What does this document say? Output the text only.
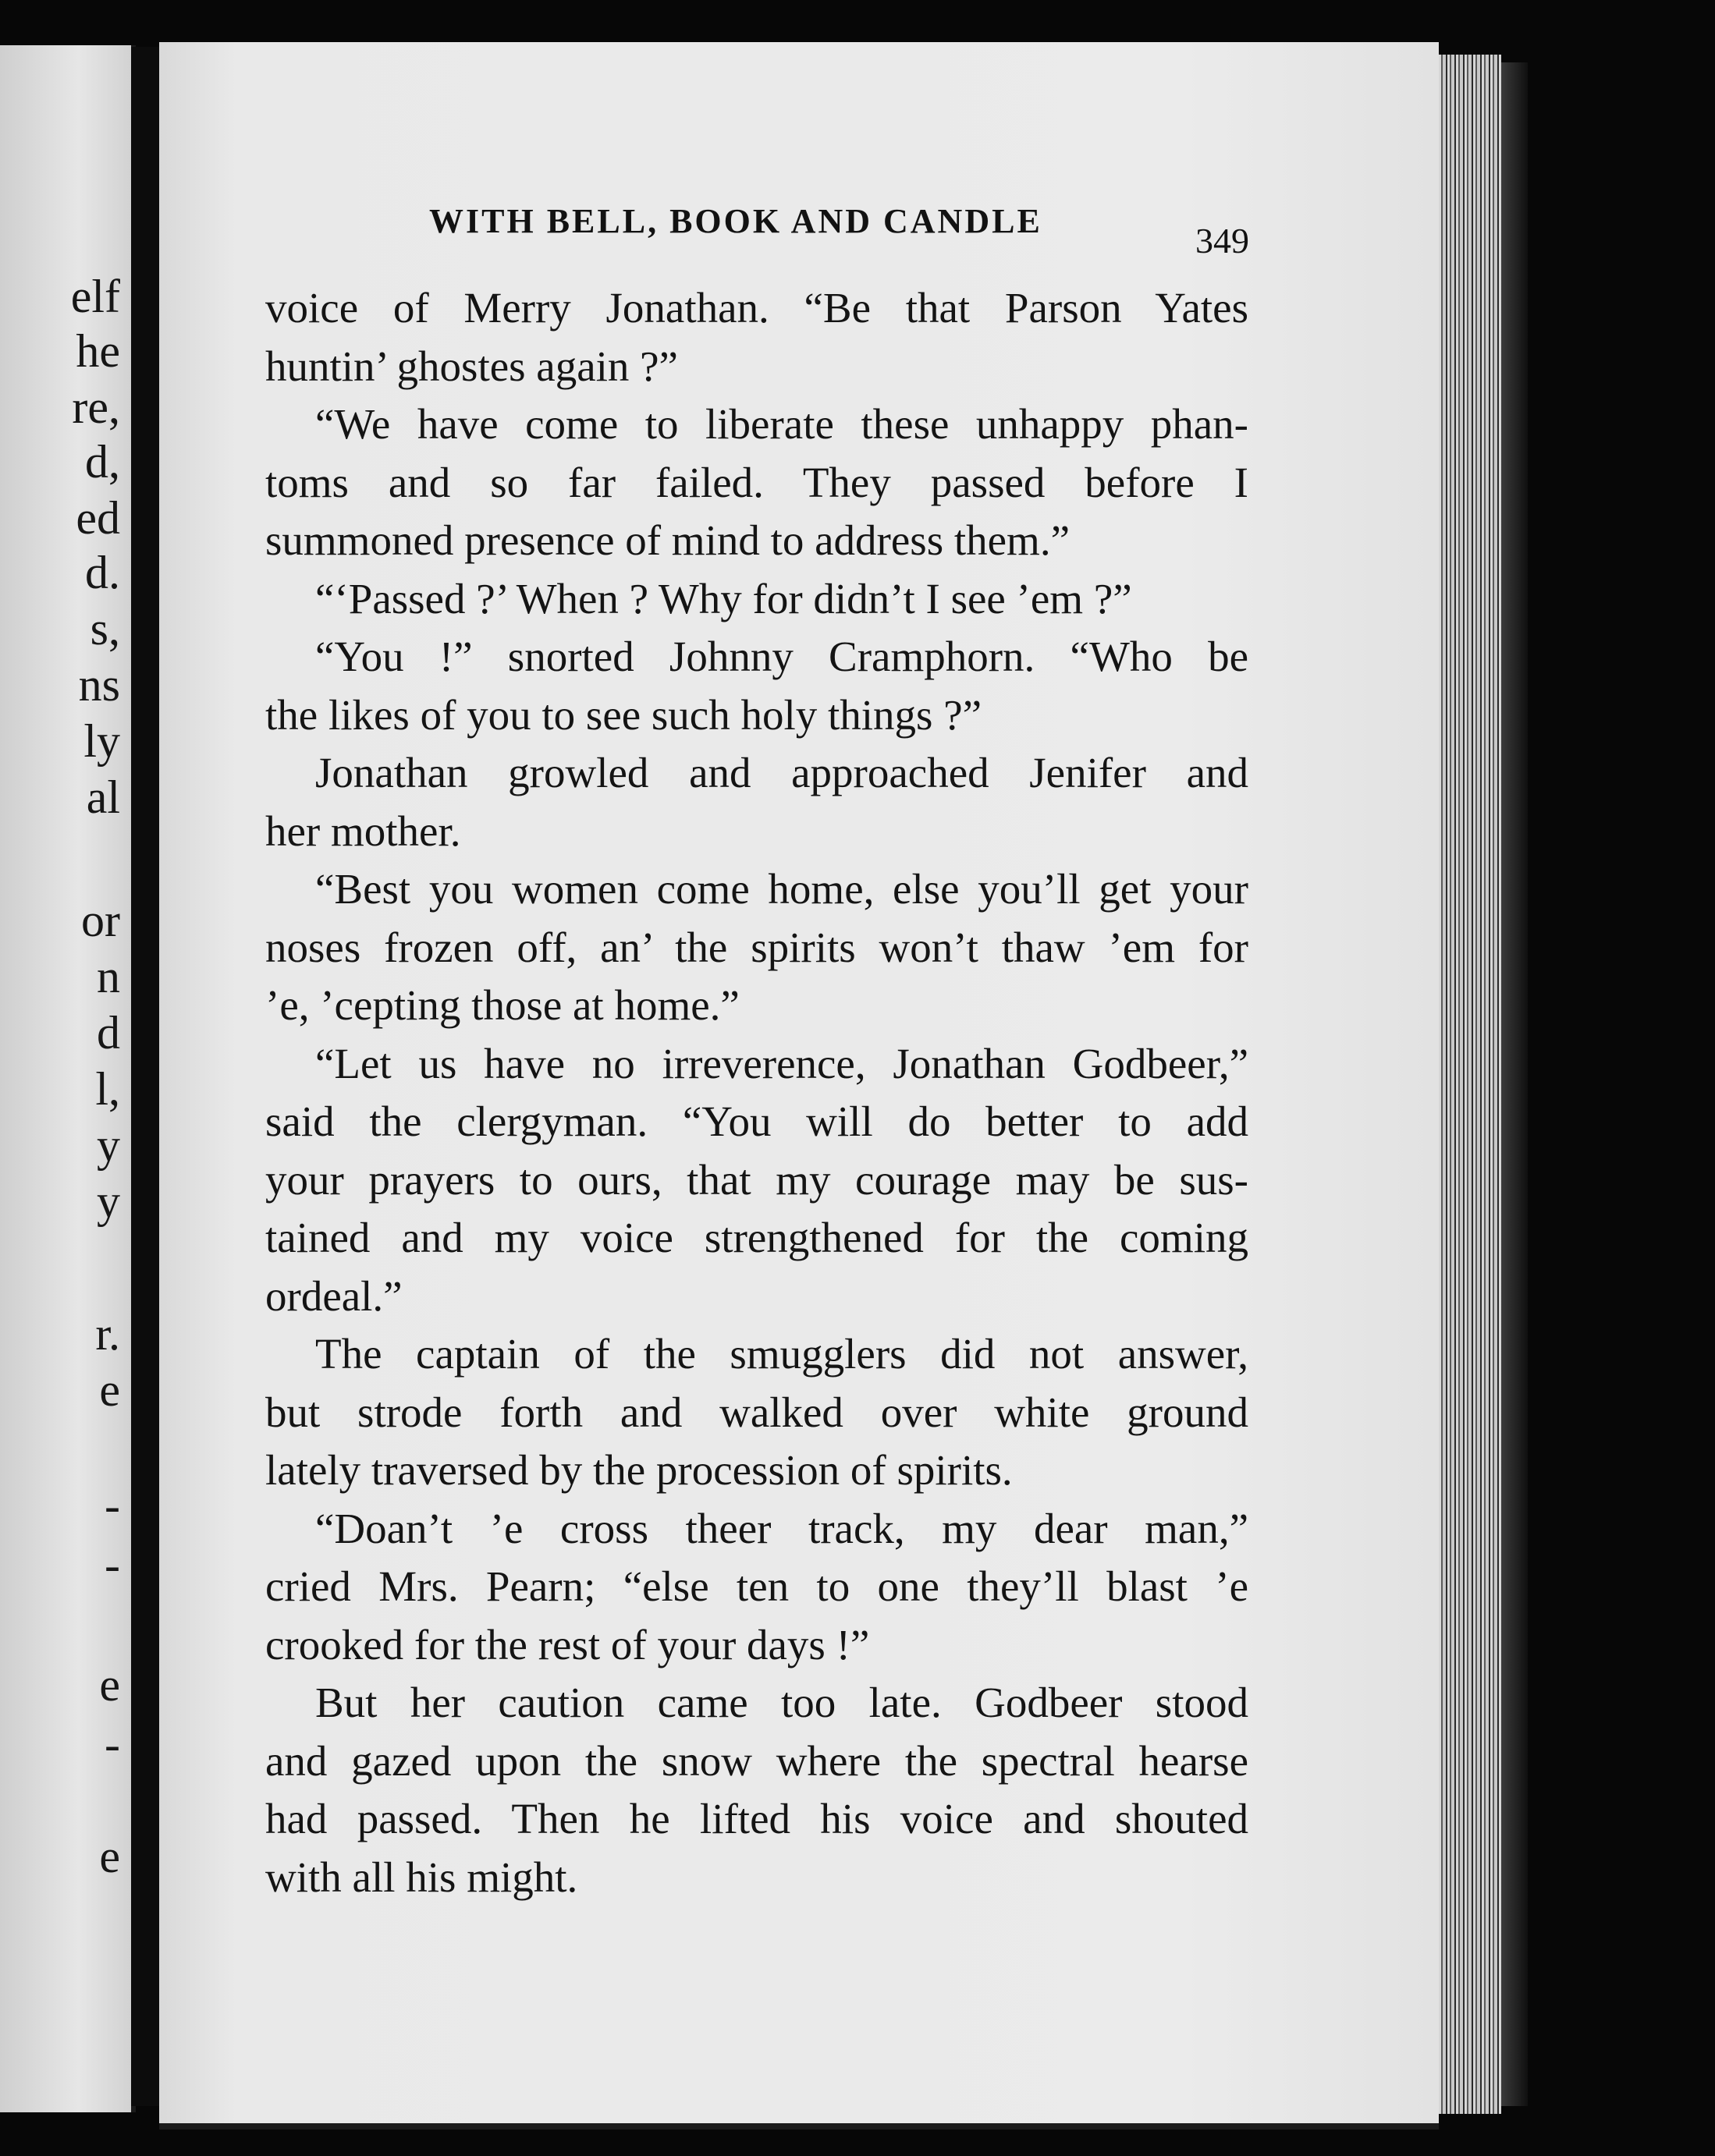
elf
he
re,
d,
ed
d.
s,
ns
ly
al
or
n
d
l,
y
y
r.
e
-
-
e
-
e
WITH BELL, BOOK AND CANDLE	349
voice of Merry Jonathan. “Be that Parson Yates
huntin’ ghostes again ?”
“We have come to liberate these unhappy phan-
toms and so far failed. They passed before I
summoned presence of mind to address them.”
“‘Passed ?’ When ? Why for didn’t I see ’em ?”
“You !” snorted Johnny Cramphorn. “Who be
the likes of you to see such holy things ?”
Jonathan growled and approached Jenifer and
her mother.
“Best you women come home, else you’ll get your
noses frozen off, an’ the spirits won’t thaw ’em for
’e, ’cepting those at home.”
“Let us have no irreverence, Jonathan Godbeer,”
said the clergyman. “You will do better to add
your prayers to ours, that my courage may be sus-
tained and my voice strengthened for the coming
ordeal.”
The captain of the smugglers did not answer,
but strode forth and walked over white ground
lately traversed by the procession of spirits.
“Doan’t ’e cross theer track, my dear man,”
cried Mrs. Pearn; “else ten to one they’ll blast ’e
crooked for the rest of your days !”
But her caution came too late. Godbeer stood
and gazed upon the snow where the spectral hearse
had passed. Then he lifted his voice and shouted
with all his might.
